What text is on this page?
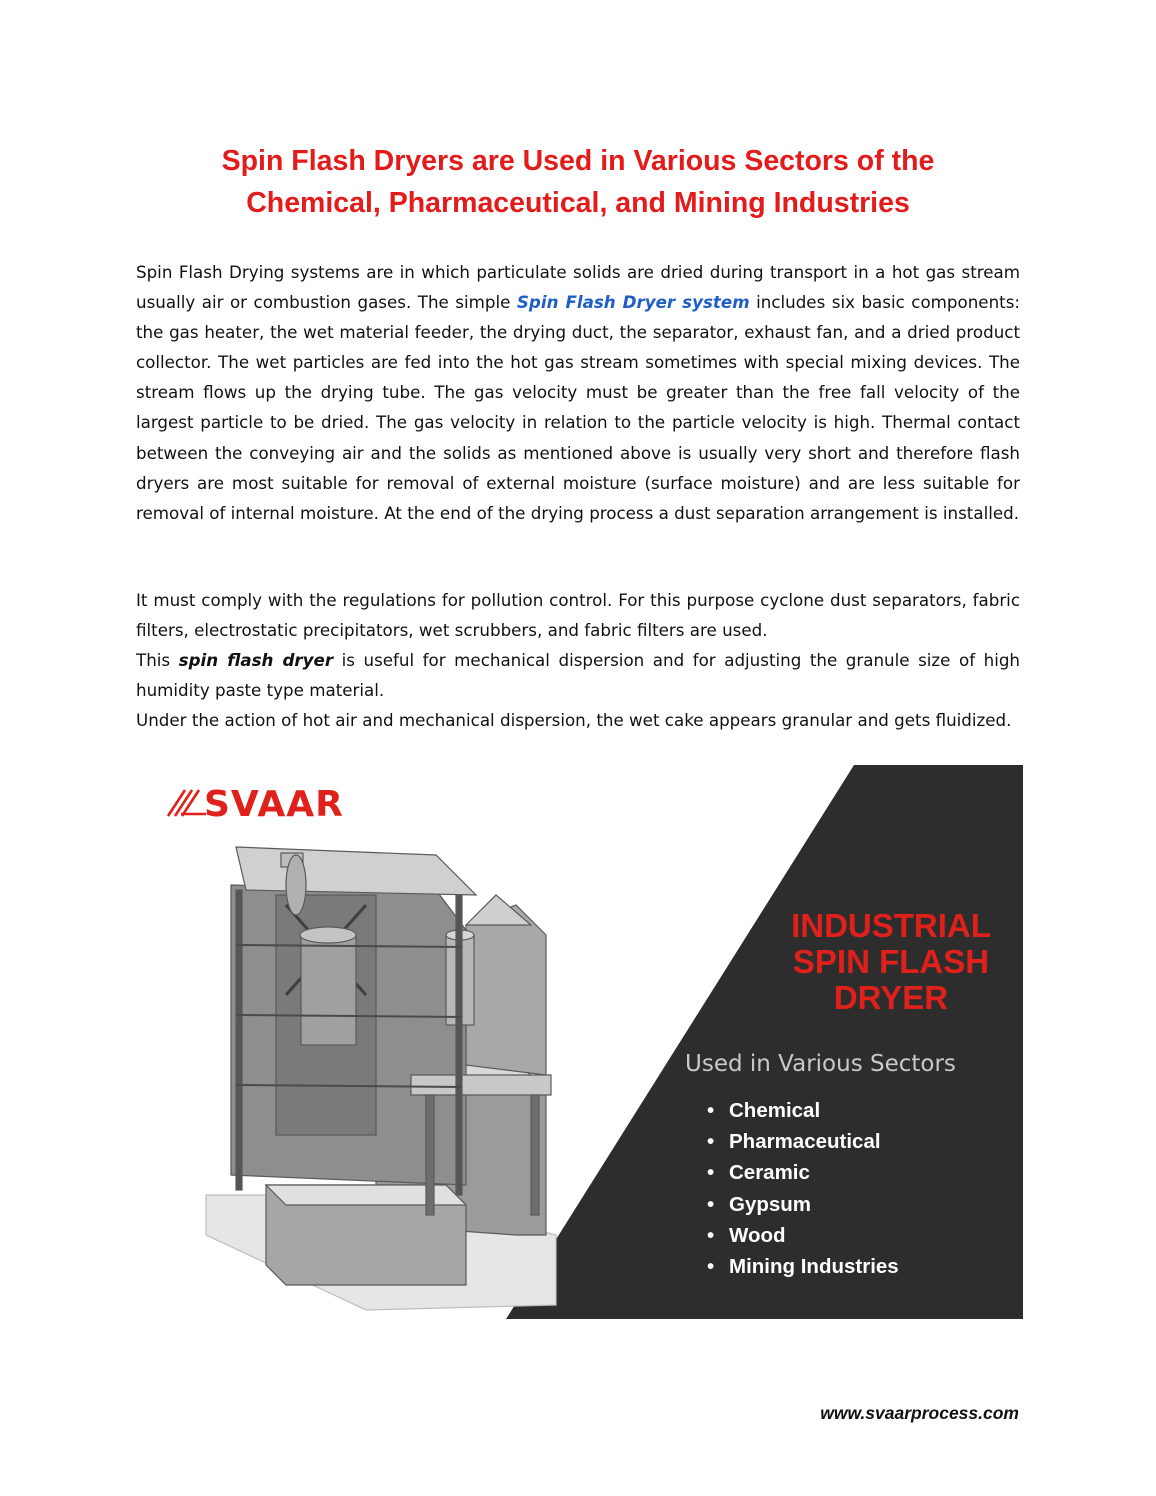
Spin Flash Dryers are Used in Various Sectors of the
Chemical, Pharmaceutical, and Mining Industries
Spin Flash Drying systems are in which particulate solids are dried during transport in a hot gas stream usually air or combustion gases. The simple Spin Flash Dryer system includes six basic components: the gas heater, the wet material feeder, the drying duct, the separator, exhaust fan, and a dried product collector. The wet particles are fed into the hot gas stream sometimes with special mixing devices. The stream flows up the drying tube. The gas velocity must be greater than the free fall velocity of the largest particle to be dried. The gas velocity in relation to the particle velocity is high. Thermal contact between the conveying air and the solids as mentioned above is usually very short and therefore flash dryers are most suitable for removal of external moisture (surface moisture) and are less suitable for removal of internal moisture. At the end of the drying process a dust separation arrangement is installed.
It must comply with the regulations for pollution control. For this purpose cyclone dust separators, fabric filters, electrostatic precipitators, wet scrubbers, and fabric filters are used.
This spin flash dryer is useful for mechanical dispersion and for adjusting the granule size of high humidity paste type material.
Under the action of hot air and mechanical dispersion, the wet cake appears granular and gets fluidized.
SVAAR
INDUSTRIAL
SPIN FLASH
DRYER
Used in Various Sectors
• Chemical
• Pharmaceutical
• Ceramic
• Gypsum
• Wood
• Mining Industries
www.svaarprocess.com
